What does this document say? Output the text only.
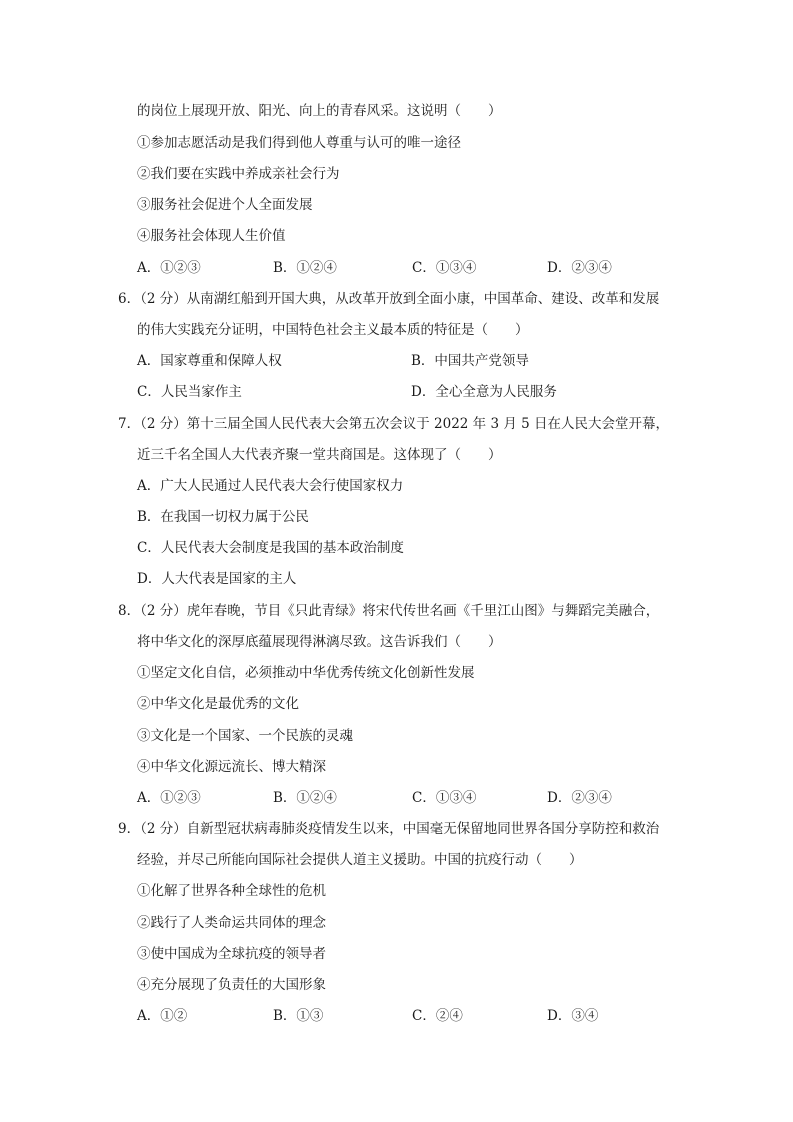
的岗位上展现开放、阳光、向上的青春风采。这说明（　　）
①参加志愿活动是我们得到他人尊重与认可的唯一途径
②我们要在实践中养成亲社会行为
③服务社会促进个人全面发展
④服务社会体现人生价值
A．①②③	B．①②④	C．①③④	D．②③④
6．（2 分）从南湖红船到开国大典，从改革开放到全面小康，中国革命、建设、改革和发展
的伟大实践充分证明，中国特色社会主义最本质的特征是（　　）
A．国家尊重和保障人权	B．中国共产党领导
C．人民当家作主	D．全心全意为人民服务
7．（2 分）第十三届全国人民代表大会第五次会议于 2022 年 3 月 5 日在人民大会堂开幕，
近三千名全国人大代表齐聚一堂共商国是。这体现了（　　）
A．广大人民通过人民代表大会行使国家权力
B．在我国一切权力属于公民
C．人民代表大会制度是我国的基本政治制度
D．人大代表是国家的主人
8．（2 分）虎年春晚，节目《只此青绿》将宋代传世名画《千里江山图》与舞蹈完美融合，
将中华文化的深厚底蕴展现得淋漓尽致。这告诉我们（　　）
①坚定文化自信，必须推动中华优秀传统文化创新性发展
②中华文化是最优秀的文化
③文化是一个国家、一个民族的灵魂
④中华文化源远流长、博大精深
A．①②③	B．①②④	C．①③④	D．②③④
9．（2 分）自新型冠状病毒肺炎疫情发生以来，中国毫无保留地同世界各国分享防控和救治
经验，并尽己所能向国际社会提供人道主义援助。中国的抗疫行动（　　）
①化解了世界各种全球性的危机
②践行了人类命运共同体的理念
③使中国成为全球抗疫的领导者
④充分展现了负责任的大国形象
A．①②	B．①③	C．②④	D．③④
